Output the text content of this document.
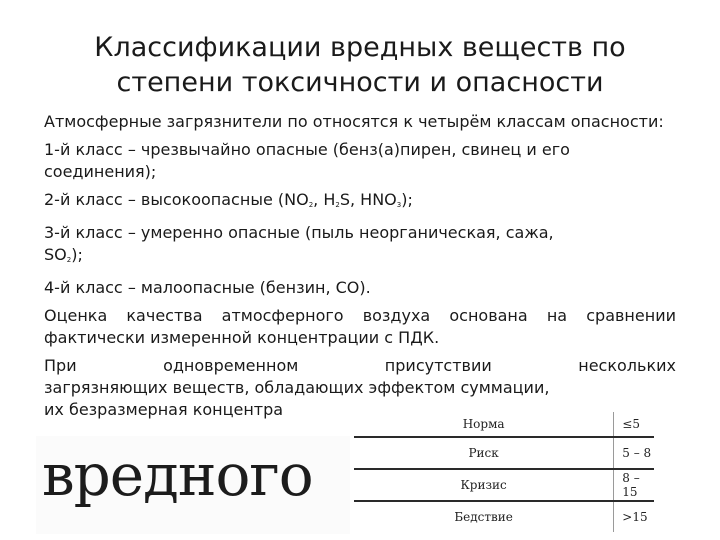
Классификации вредных веществ по
степени токсичности и опасности

Атмосферные загрязнители по относятся к четырём классам опасности:

1-й класс – чрезвычайно опасные (бенз(а)пирен, свинец и его соединения);

2-й класс – высокоопасные ($NO_2$, $H_2S$, $HNO_3$);

3-й класс – умеренно опасные (пыль неорганическая, сажа,
$SO_2$);

4-й класс – малоопасные (бензин, CO).

Оценка качества атмосферного воздуха основана на сравнении фактически измеренной концентрации с ПДК.

При одновременном присутствии нескольких
загрязняющих веществ, обладающих эффектом суммации,
их безразмерная концентра

вредного
Норма	≤5
Риск	5 – 8
Кризис	8 – 15
Бедствие	>15
